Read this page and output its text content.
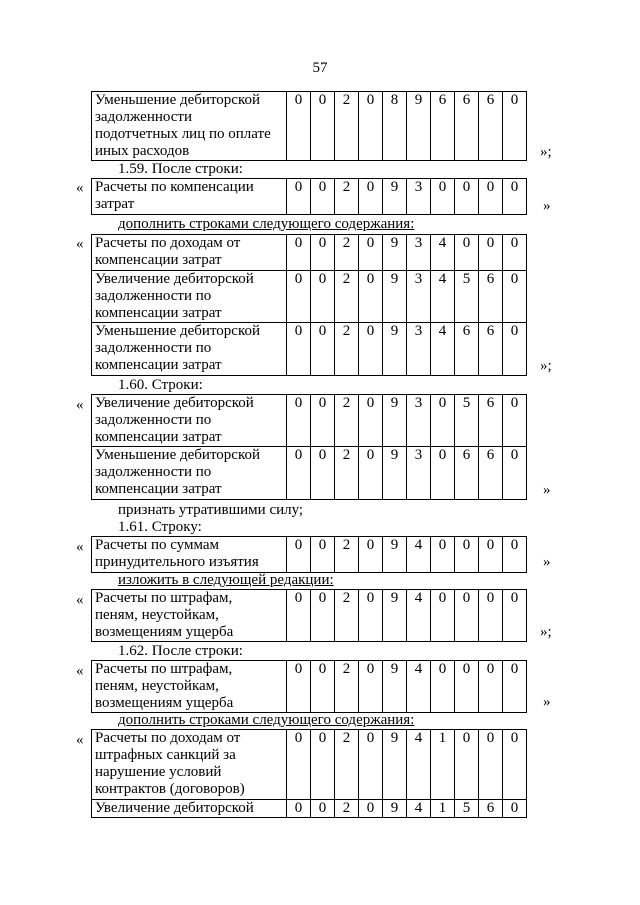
57
Уменьшение дебиторской
задолженности
подотчетных лиц по оплате
иных расходов
	0	0	2	0	8	9	6	6	6	0
»;
1.59. После строки:
« Расчеты по компенсации
затрат
	0	0	2	0	9	3	0	0	0	0
»
дополнить строками следующего содержания:
« Расчеты по доходам от
компенсации затрат	0	0	2	0	9	3	4	0	0	0

Увеличение дебиторской
задолженности по
компенсации затрат	0	0	2	0	9	3	4	5	6	0

Уменьшение дебиторской
задолженности по
компенсации затрат	0	0	2	0	9	3	4	6	6	0
»;
1.60. Строки:
« Увеличение дебиторской
задолженности по
компенсации затрат	0	0	2	0	9	3	0	5	6	0

Уменьшение дебиторской
задолженности по
компенсации затрат	0	0	2	0	9	3	0	6	6	0
»
признать утратившими силу;
1.61. Строку:
« Расчеты по суммам
принудительного изъятия
	0	0	2	0	9	4	0	0	0	0
»
изложить в следующей редакции:
« Расчеты по штрафам,
пеням, неустойкам,
возмещениям ущерба
	0	0	2	0	9	4	0	0	0	0
»;
1.62. После строки:
« Расчеты по штрафам,
пеням, неустойкам,
возмещениям ущерба
	0	0	2	0	9	4	0	0	0	0
»
дополнить строками следующего содержания:
« Расчеты по доходам от
штрафных санкций за
нарушение условий
контрактов (договоров)	0	0	2	0	9	4	1	0	0	0

Увеличение дебиторской	0	0	2	0	9	4	1	5	6	0
